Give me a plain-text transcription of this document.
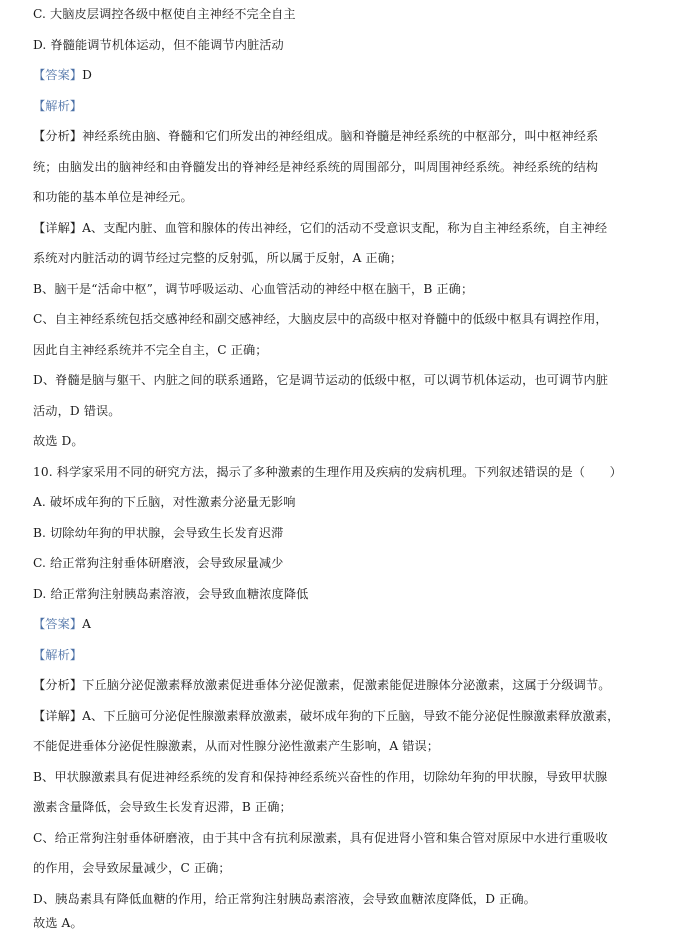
C. 大脑皮层调控各级中枢使自主神经不完全自主
D. 脊髓能调节机体运动，但不能调节内脏活动
【答案】D
【解析】
【分析】神经系统由脑、脊髓和它们所发出的神经组成。脑和脊髓是神经系统的中枢部分，叫中枢神经系
统；由脑发出的脑神经和由脊髓发出的脊神经是神经系统的周围部分，叫周围神经系统。神经系统的结构
和功能的基本单位是神经元。
【详解】A、支配内脏、血管和腺体的传出神经，它们的活动不受意识支配，称为自主神经系统，自主神经
系统对内脏活动的调节经过完整的反射弧，所以属于反射，A 正确；
B、脑干是“活命中枢”，调节呼吸运动、心血管活动的神经中枢在脑干，B 正确；
C、自主神经系统包括交感神经和副交感神经，大脑皮层中的高级中枢对脊髓中的低级中枢具有调控作用，
因此自主神经系统并不完全自主，C 正确；
D、脊髓是脑与躯干、内脏之间的联系通路，它是调节运动的低级中枢，可以调节机体运动，也可调节内脏
活动，D 错误。
故选 D。
10. 科学家采用不同的研究方法，揭示了多种激素的生理作用及疾病的发病机理。下列叙述错误的是（　　）
A. 破坏成年狗的下丘脑，对性激素分泌量无影响
B. 切除幼年狗的甲状腺，会导致生长发育迟滞
C. 给正常狗注射垂体研磨液，会导致尿量减少
D. 给正常狗注射胰岛素溶液，会导致血糖浓度降低
【答案】A
【解析】
【分析】下丘脑分泌促激素释放激素促进垂体分泌促激素，促激素能促进腺体分泌激素，这属于分级调节。
【详解】A、下丘脑可分泌促性腺激素释放激素，破坏成年狗的下丘脑，导致不能分泌促性腺激素释放激素，
不能促进垂体分泌促性腺激素，从而对性腺分泌性激素产生影响，A 错误；
B、甲状腺激素具有促进神经系统的发育和保持神经系统兴奋性的作用，切除幼年狗的甲状腺，导致甲状腺
激素含量降低，会导致生长发育迟滞，B 正确；
C、给正常狗注射垂体研磨液，由于其中含有抗利尿激素，具有促进肾小管和集合管对原尿中水进行重吸收
的作用，会导致尿量减少，C 正确；
D、胰岛素具有降低血糖的作用，给正常狗注射胰岛素溶液，会导致血糖浓度降低，D 正确。
故选 A。
